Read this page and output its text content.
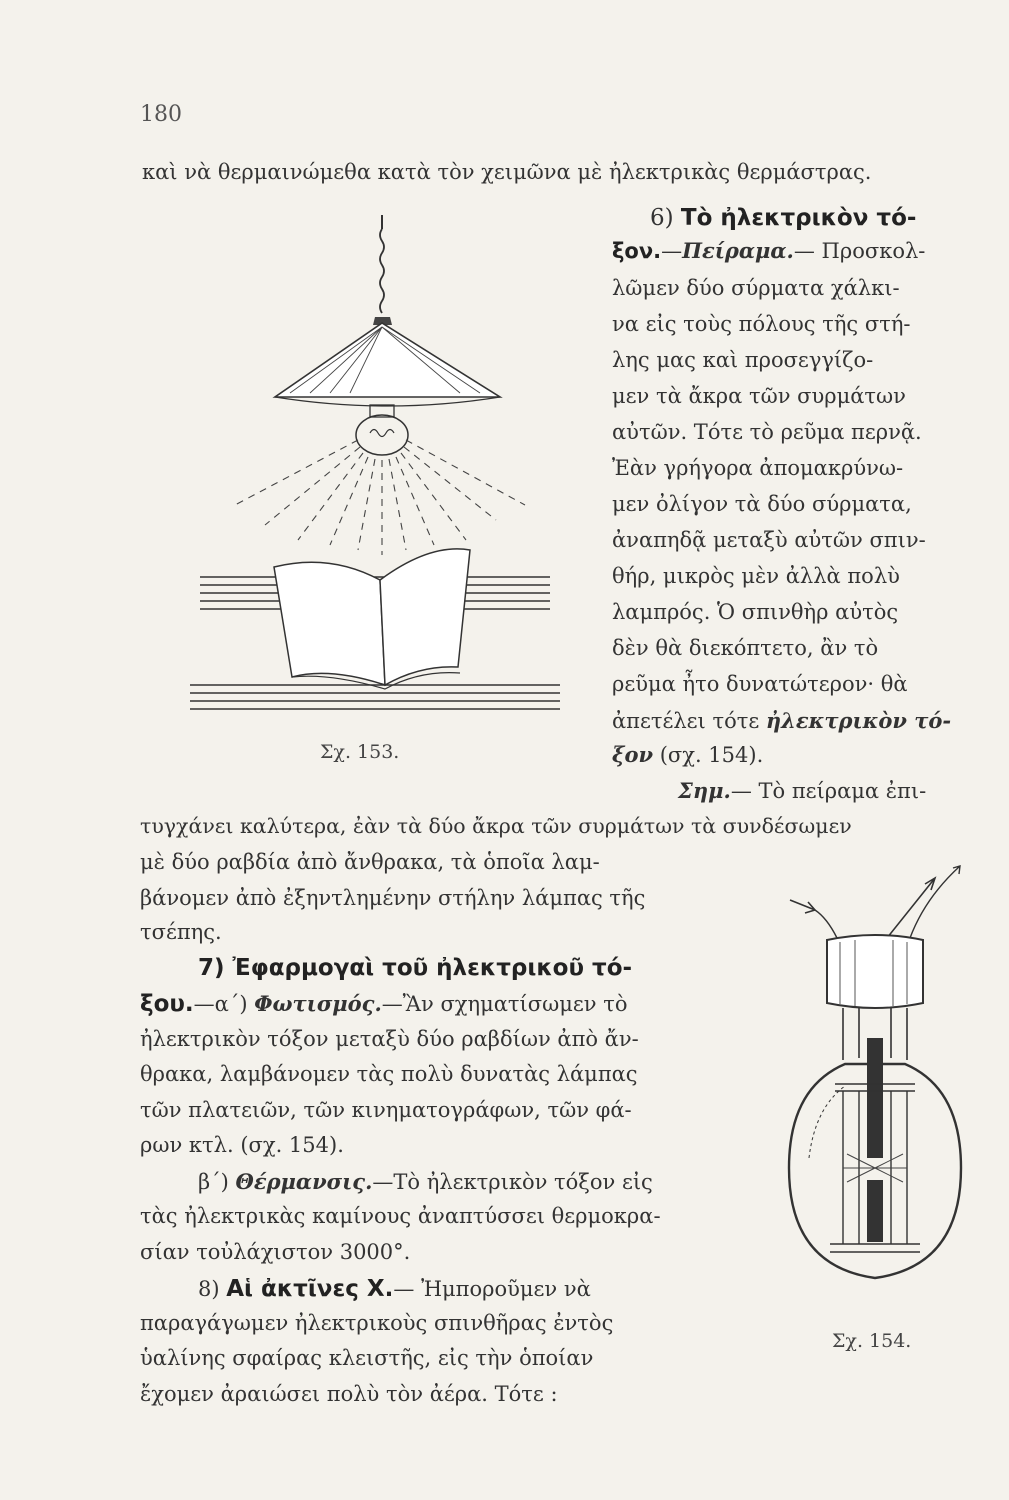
180
καὶ νὰ θερμαινώμεθα κατὰ τὸν χειμῶνα μὲ ἠλεκτρικὰς θερμάστρας.
Σχ. 153.
6) Τὸ ἠλεκτρικὸν τό-
ξον.—Πείραμα.— Προσκολ-
λῶμεν δύο σύρματα χάλκι-
να εἰς τοὺς πόλους τῆς στή-
λης μας καὶ προσεγγίζο-
μεν τὰ ἄκρα τῶν συρμάτων
αὐτῶν. Τότε τὸ ρεῦμα περνᾷ.
Ἐὰν γρήγορα ἀπομακρύνω-
μεν ὀλίγον τὰ δύο σύρματα,
ἀναπηδᾷ μεταξὺ αὐτῶν σπιν-
θήρ, μικρὸς μὲν ἀλλὰ πολὺ
λαμπρός. Ὁ σπινθὴρ αὐτὸς
δὲν θὰ διεκόπτετο, ἂν τὸ
ρεῦμα ἦτο δυνατώτερον· θὰ
ἀπετέλει τότε ἠλεκτρικὸν τό-
ξον (σχ. 154).
Σημ.— Τὸ πείραμα ἐπι-
τυγχάνει καλύτερα, ἐὰν τὰ δύο ἄκρα τῶν συρμάτων τὰ συνδέσωμεν
μὲ δύο ραβδία ἀπὸ ἄνθρακα, τὰ ὁποῖα λαμ-
βάνομεν ἀπὸ ἐξηντλημένην στήλην λάμπας τῆς
τσέπης.
7) Ἐφαρμογαὶ τοῦ ἠλεκτρικοῦ τό-
ξου.—α΄) Φωτισμός.—Ἂν σχηματίσωμεν τὸ
ἠλεκτρικὸν τόξον μεταξὺ δύο ραβδίων ἀπὸ ἄν-
θρακα, λαμβάνομεν τὰς πολὺ δυνατὰς λάμπας
τῶν πλατειῶν, τῶν κινηματογράφων, τῶν φά-
ρων κτλ. (σχ. 154).
β΄) Θέρμανσις.—Τὸ ἠλεκτρικὸν τόξον εἰς
τὰς ἠλεκτρικὰς καμίνους ἀναπτύσσει θερμοκρα-
σίαν τοὐλάχιστον 3000°.
8) Αἱ ἀκτῖνες Χ.— Ἠμποροῦμεν νὰ
παραγάγωμεν ἠλεκτρικοὺς σπινθῆρας ἐντὸς
ὑαλίνης σφαίρας κλειστῆς, εἰς τὴν ὁποίαν
ἔχομεν ἀραιώσει πολὺ τὸν ἀέρα. Τότε :
Σχ. 154.
